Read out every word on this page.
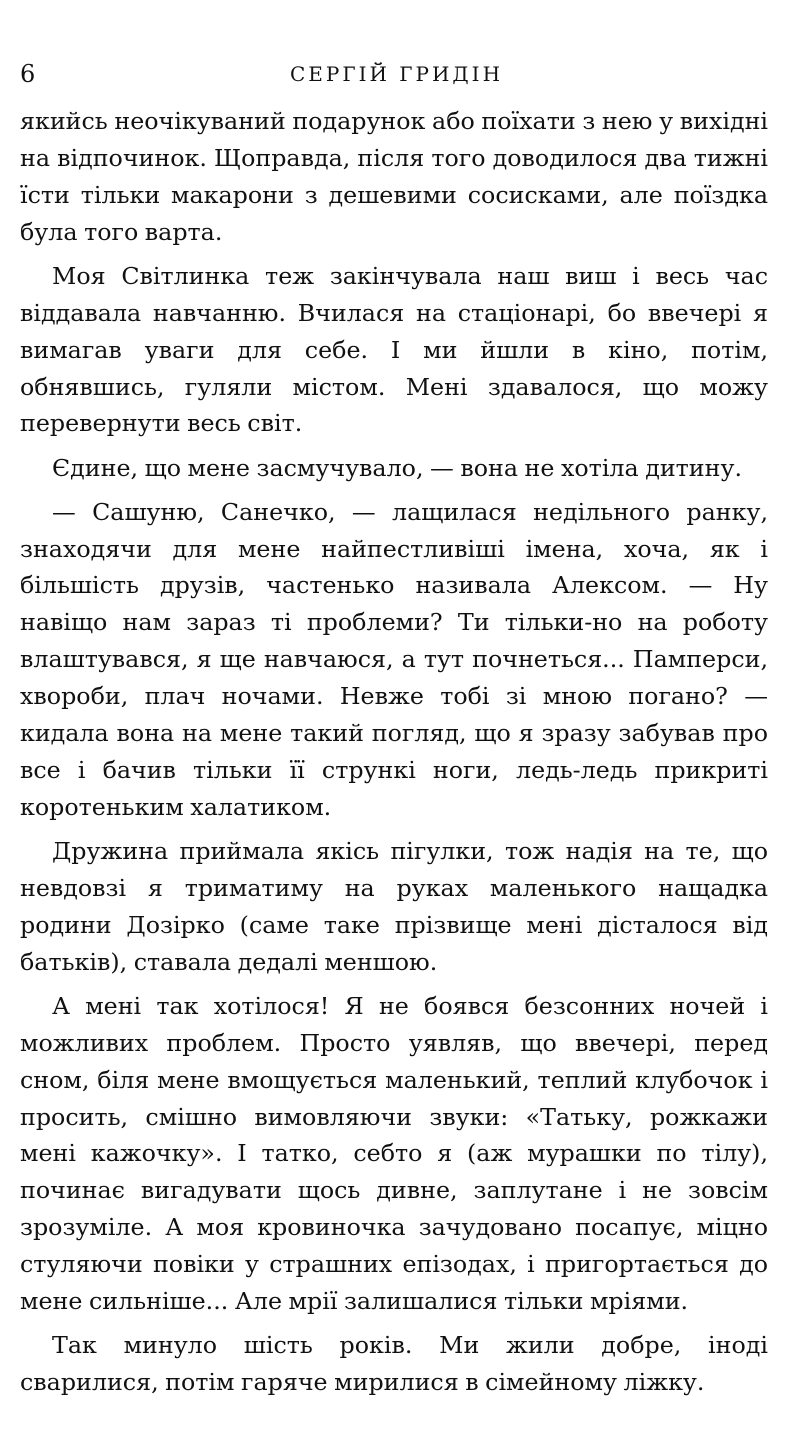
6	СЕРГІЙ ГРИДІН

якийсь неочікуваний подарунок або поїхати з нею у вихідні на відпочинок. Щоправда, після того доводилося два тижні їсти тільки макарони з дешевими сосисками, але поїздка була того варта.

Моя Світлинка теж закінчувала наш виш і весь час віддавала навчанню. Вчилася на стаціонарі, бо ввечері я вимагав уваги для себе. І ми йшли в кіно, потім, обнявшись, гуляли містом. Мені здавалося, що можу перевернути весь світ.

Єдине, що мене засмучувало, — вона не хотіла дитину.

— Сашуню, Санечко, — лащилася недільного ранку, знаходячи для мене найпестливіші імена, хоча, як і більшість друзів, частенько називала Алексом. — Ну навіщо нам зараз ті проблеми? Ти тільки-но на роботу влаштувався, я ще навчаюся, а тут почнеться... Памперси, хвороби, плач ночами. Невже тобі зі мною погано? — кидала вона на мене такий погляд, що я зразу забував про все і бачив тільки її стрункі ноги, ледь-ледь прикриті коротеньким халатиком.

Дружина приймала якісь пігулки, тож надія на те, що невдовзі я триматиму на руках маленького нащадка родини Дозірко (саме таке прізвище мені дісталося від батьків), ставала дедалі меншою.

А мені так хотілося! Я не боявся безсонних ночей і можливих проблем. Просто уявляв, що ввечері, перед сном, біля мене вмощується маленький, теплий клубочок і просить, смішно вимовляючи звуки: «Татьку, рожкажи мені кажочку». І татко, себто я (аж мурашки по тілу), починає вигадувати щось дивне, заплутане і не зовсім зрозуміле. А моя кровиночка зачудовано посапує, міцно стуляючи повіки у страшних епізодах, і пригортається до мене сильніше... Але мрії залишалися тільки мріями.

Так минуло шість років. Ми жили добре, іноді сварилися, потім гаряче мирилися в сімейному ліжку.
